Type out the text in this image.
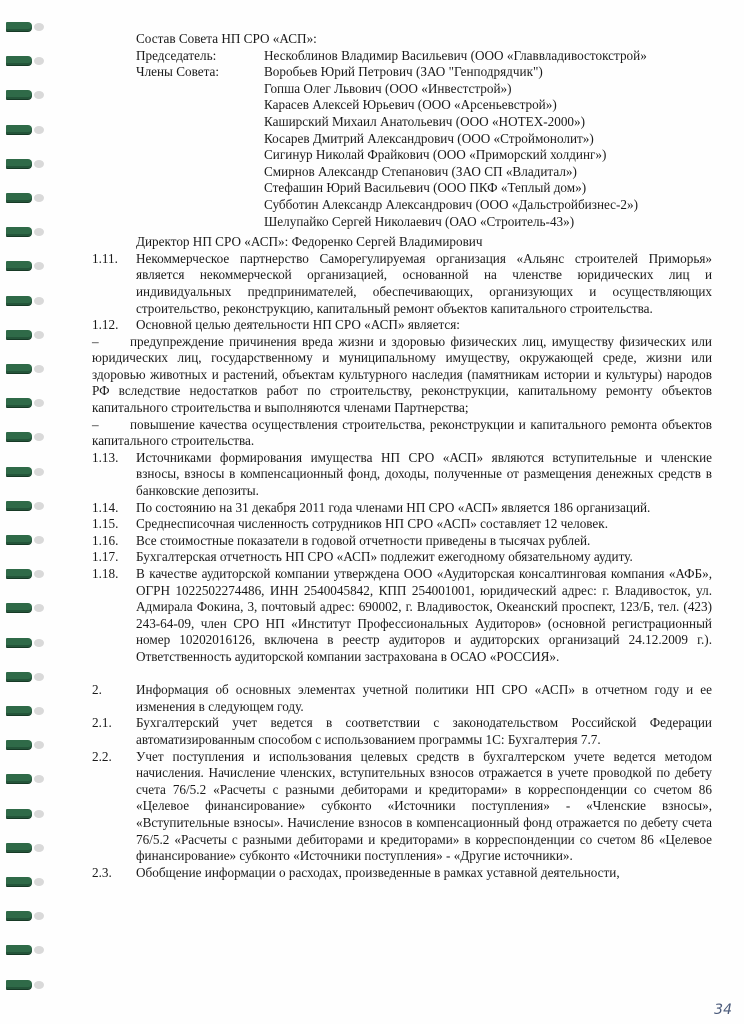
Состав Совета НП СРО «АСП»:
Председатель:	Нескоблинов Владимир Васильевич (ООО «Главвладивостокстрой»
Члены Совета:	Воробьев Юрий Петрович (ЗАО "Генподрядчик")
Гопша Олег Львович (ООО «Инвестстрой»)
Карасев Алексей Юрьевич (ООО «Арсеньевстрой»)
Каширский Михаил Анатольевич (ООО «НОТЕХ-2000»)
Косарев Дмитрий Александрович (ООО «Строймонолит»)
Сигинур Николай Фрайкович (ООО «Приморский холдинг»)
Смирнов Александр Степанович (ЗАО СП «Владитал»)
Стефашин Юрий Васильевич (ООО ПКФ «Теплый дом»)
Субботин Александр Александрович (ООО «Дальстройбизнес-2»)
Шелупайко Сергей Николаевич (ОАО «Строитель-43»)
Директор НП СРО «АСП»: Федоренко Сергей Владимирович
1.11.	Некоммерческое партнерство Саморегулируемая организация «Альянс строителей Приморья» является некоммерческой организацией, основанной на членстве юридических лиц и индивидуальных предпринимателей, обеспечивающих, организующих и осуществляющих строительство, реконструкцию, капитальный ремонт объектов капитального строительства.
1.12.	Основной целью деятельности НП СРО «АСП» является:
– предупреждение причинения вреда жизни и здоровью физических лиц, имуществу физических или юридических лиц, государственному и муниципальному имуществу, окружающей среде, жизни или здоровью животных и растений, объектам культурного наследия (памятникам истории и культуры) народов РФ вследствие недостатков работ по строительству, реконструкции, капитальному ремонту объектов капитального строительства и выполняются членами Партнерства;
– повышение качества осуществления строительства, реконструкции и капитального ремонта объектов капитального строительства.
1.13.	Источниками формирования имущества НП СРО «АСП» являются вступительные и членские взносы, взносы в компенсационный фонд, доходы, полученные от размещения денежных средств в банковские депозиты.
1.14.	По состоянию на 31 декабря 2011 года членами НП СРО «АСП» является 186 организаций.
1.15.	Среднесписочная численность сотрудников НП СРО «АСП» составляет 12 человек.
1.16.	Все стоимостные показатели в годовой отчетности приведены в тысячах рублей.
1.17.	Бухгалтерская отчетность НП СРО «АСП» подлежит ежегодному обязательному аудиту.
1.18.	В качестве аудиторской компании утверждена ООО «Аудиторская консалтинговая компания «АФБ», ОГРН 1022502274486, ИНН 2540045842, КПП 254001001, юридический адрес: г. Владивосток, ул. Адмирала Фокина, 3, почтовый адрес: 690002, г. Владивосток, Океанский проспект, 123/Б, тел. (423) 243-64-09, член СРО НП «Институт Профессиональных Аудиторов» (основной регистрационный номер 10202016126, включена в реестр аудиторов и аудиторских организаций 24.12.2009 г.). Ответственность аудиторской компании застрахована в ОСАО «РОССИЯ».
2.	Информация об основных элементах учетной политики НП СРО «АСП» в отчетном году и ее изменения в следующем году.
2.1.	Бухгалтерский учет ведется в соответствии с законодательством Российской Федерации автоматизированным способом с использованием программы 1С: Бухгалтерия 7.7.
2.2.	Учет поступления и использования целевых средств в бухгалтерском учете ведется методом начисления. Начисление членских, вступительных взносов отражается в учете проводкой по дебету счета 76/5.2 «Расчеты с разными дебиторами и кредиторами» в корреспонденции со счетом 86 «Целевое финансирование» субконто «Источники поступления» - «Членские взносы», «Вступительные взносы». Начисление взносов в компенсационный фонд отражается по дебету счета 76/5.2 «Расчеты с разными дебиторами и кредиторами» в корреспонденции со счетом 86 «Целевое финансирование» субконто «Источники поступления» - «Другие источники».
2.3.	Обобщение информации о расходах, произведенные в рамках уставной деятельности,
34
